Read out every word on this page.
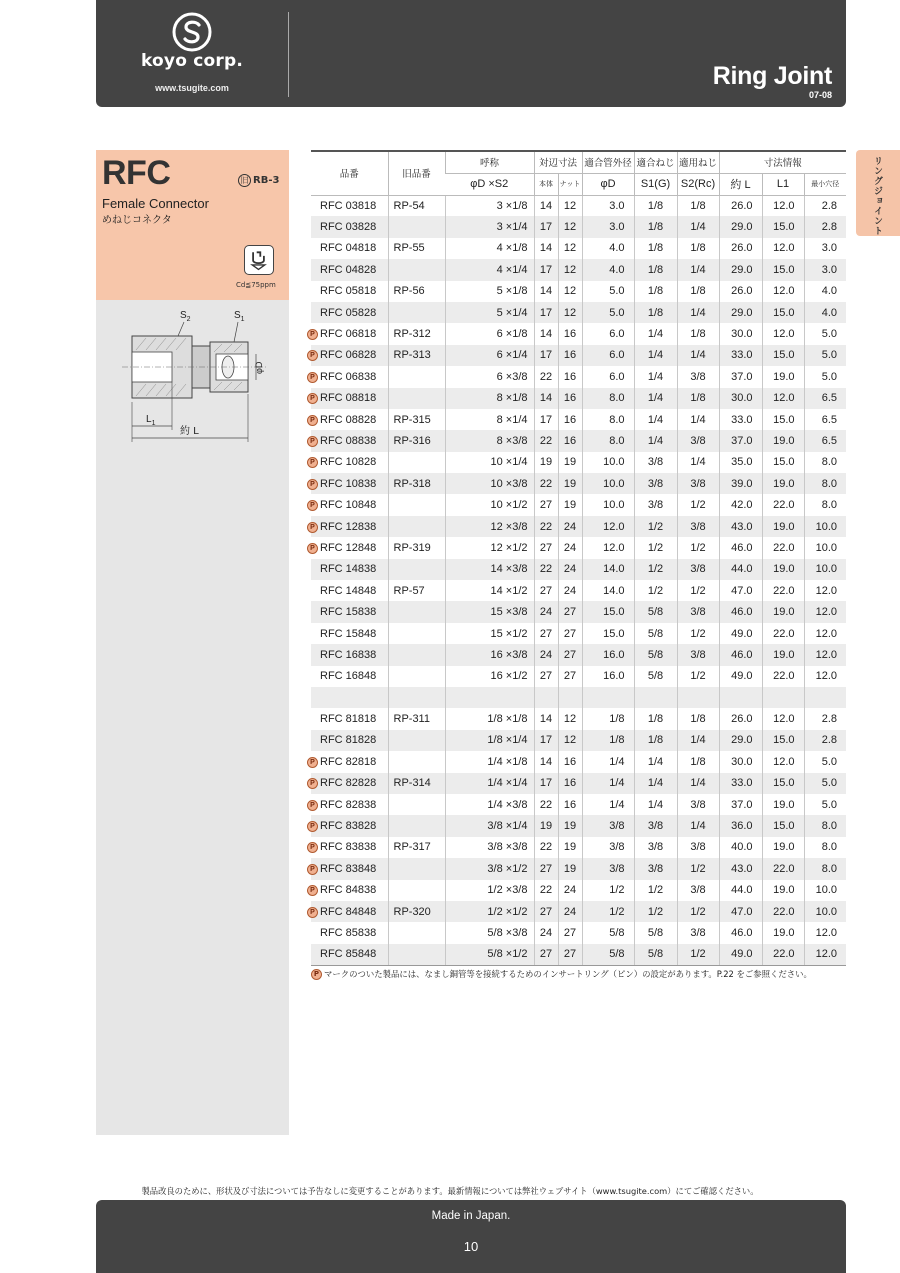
koyo corp.
www.tsugite.com	Ring Joint
07-08
リングジョイント
RFC	旧 RB-3
Female Connector
めねじコネクタ
Cd≦75ppm
$S_2$	$S_1$
φD
$L_1$
約 L
品番	旧品番	呼称	対辺寸法		適合管外径	適合ねじ	適用ねじ	寸法情報		
		φD ×S2	本体	ナット	φD	S1(G)	S2(Rc)	約 L	L1	最小穴径
RFC 03818	RP-54	3 ×1/8	14	12	3.0	1/8	1/8	26.0	12.0	2.8
RFC 03828		3 ×1/4	17	12	3.0	1/8	1/4	29.0	15.0	2.8
RFC 04818	RP-55	4 ×1/8	14	12	4.0	1/8	1/8	26.0	12.0	3.0
RFC 04828		4 ×1/4	17	12	4.0	1/8	1/4	29.0	15.0	3.0
RFC 05818	RP-56	5 ×1/8	14	12	5.0	1/8	1/8	26.0	12.0	4.0
RFC 05828		5 ×1/4	17	12	5.0	1/8	1/4	29.0	15.0	4.0
P RFC 06818	RP-312	6 ×1/8	14	16	6.0	1/4	1/8	30.0	12.0	5.0
P RFC 06828	RP-313	6 ×1/4	17	16	6.0	1/4	1/4	33.0	15.0	5.0
P RFC 06838		6 ×3/8	22	16	6.0	1/4	3/8	37.0	19.0	5.0
P RFC 08818		8 ×1/8	14	16	8.0	1/4	1/8	30.0	12.0	6.5
P RFC 08828	RP-315	8 ×1/4	17	16	8.0	1/4	1/4	33.0	15.0	6.5
P RFC 08838	RP-316	8 ×3/8	22	16	8.0	1/4	3/8	37.0	19.0	6.5
P RFC 10828		10 ×1/4	19	19	10.0	3/8	1/4	35.0	15.0	8.0
P RFC 10838	RP-318	10 ×3/8	22	19	10.0	3/8	3/8	39.0	19.0	8.0
P RFC 10848		10 ×1/2	27	19	10.0	3/8	1/2	42.0	22.0	8.0
P RFC 12838		12 ×3/8	22	24	12.0	1/2	3/8	43.0	19.0	10.0
P RFC 12848	RP-319	12 ×1/2	27	24	12.0	1/2	1/2	46.0	22.0	10.0
RFC 14838		14 ×3/8	22	24	14.0	1/2	3/8	44.0	19.0	10.0
RFC 14848	RP-57	14 ×1/2	27	24	14.0	1/2	1/2	47.0	22.0	12.0
RFC 15838		15 ×3/8	24	27	15.0	5/8	3/8	46.0	19.0	12.0
RFC 15848		15 ×1/2	27	27	15.0	5/8	1/2	49.0	22.0	12.0
RFC 16838		16 ×3/8	24	27	16.0	5/8	3/8	46.0	19.0	12.0
RFC 16848		16 ×1/2	27	27	16.0	5/8	1/2	49.0	22.0	12.0

RFC 81818	RP-311	1/8 ×1/8	14	12	1/8	1/8	1/8	26.0	12.0	2.8
RFC 81828		1/8 ×1/4	17	12	1/8	1/8	1/4	29.0	15.0	2.8
P RFC 82818		1/4 ×1/8	14	16	1/4	1/4	1/8	30.0	12.0	5.0
P RFC 82828	RP-314	1/4 ×1/4	17	16	1/4	1/4	1/4	33.0	15.0	5.0
P RFC 82838		1/4 ×3/8	22	16	1/4	1/4	3/8	37.0	19.0	5.0
P RFC 83828		3/8 ×1/4	19	19	3/8	3/8	1/4	36.0	15.0	8.0
P RFC 83838	RP-317	3/8 ×3/8	22	19	3/8	3/8	3/8	40.0	19.0	8.0
P RFC 83848		3/8 ×1/2	27	19	3/8	3/8	1/2	43.0	22.0	8.0
P RFC 84838		1/2 ×3/8	22	24	1/2	1/2	3/8	44.0	19.0	10.0
P RFC 84848	RP-320	1/2 ×1/2	27	24	1/2	1/2	1/2	47.0	22.0	10.0
RFC 85838		5/8 ×3/8	24	27	5/8	5/8	3/8	46.0	19.0	12.0
RFC 85848		5/8 ×1/2	27	27	5/8	5/8	1/2	49.0	22.0	12.0
P マークのついた製品には、なまし銅管等を接続するためのインサートリング（ピン）の設定があります。P.22 をご参照ください。
製品改良のために、形状及び寸法については予告なしに変更することがあります。最新情報については弊社ウェブサイト（www.tsugite.com）にてご確認ください。
Made in Japan.
10
